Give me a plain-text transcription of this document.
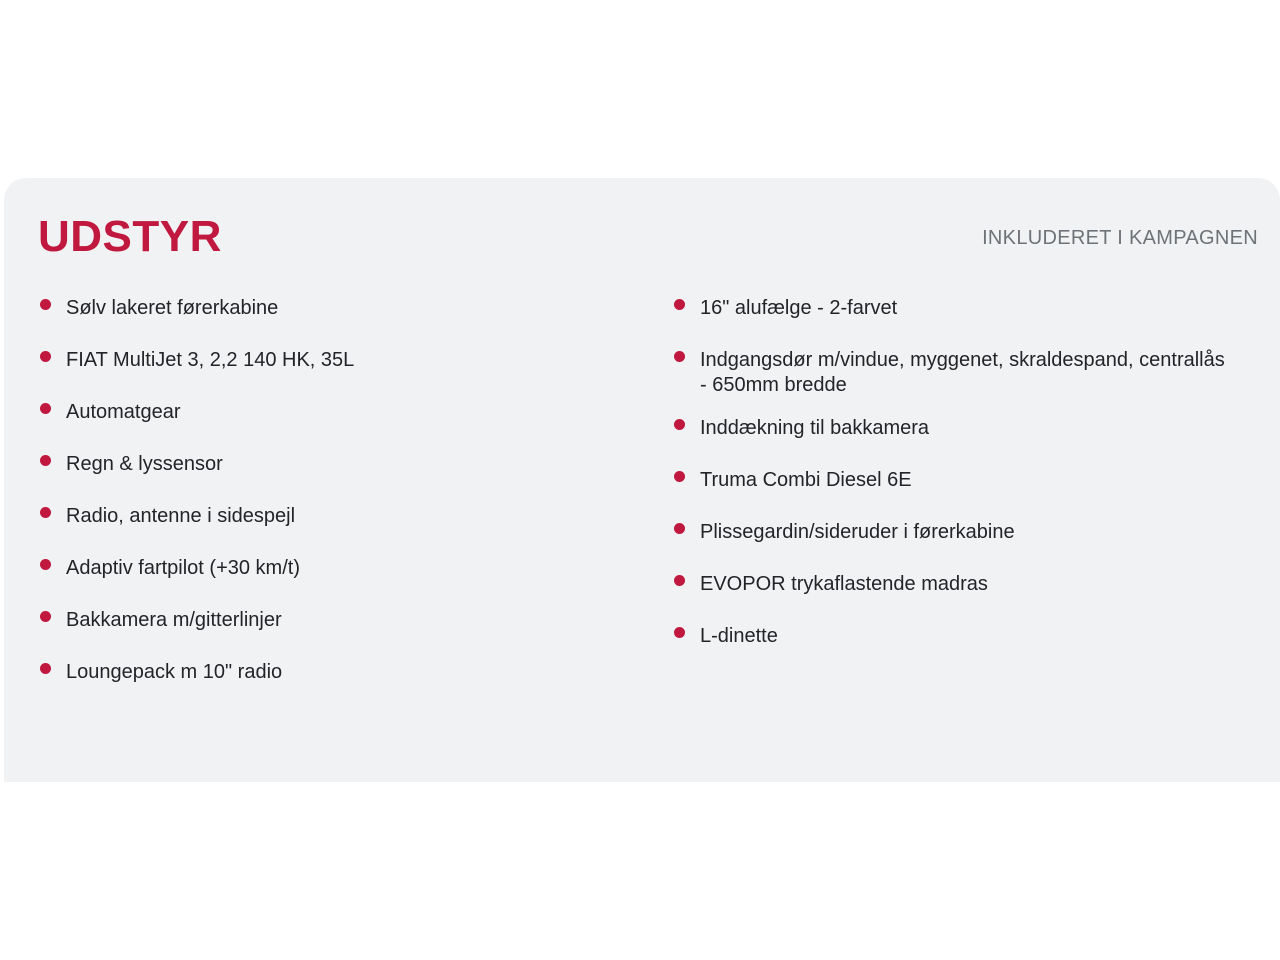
UDSTYR	INKLUDERET I KAMPAGNEN
Sølv lakeret førerkabine
FIAT MultiJet 3, 2,2 140 HK, 35L
Automatgear
Regn & lyssensor
Radio, antenne i sidespejl
Adaptiv fartpilot (+30 km/t)
Bakkamera m/gitterlinjer
Loungepack m 10" radio
16" alufælge - 2-farvet
Indgangsdør m/vindue, myggenet, skraldespand, centrallås - 650mm bredde
Inddækning til bakkamera
Truma Combi Diesel 6E
Plissegardin/sideruder i førerkabine
EVOPOR trykaflastende madras
L-dinette
